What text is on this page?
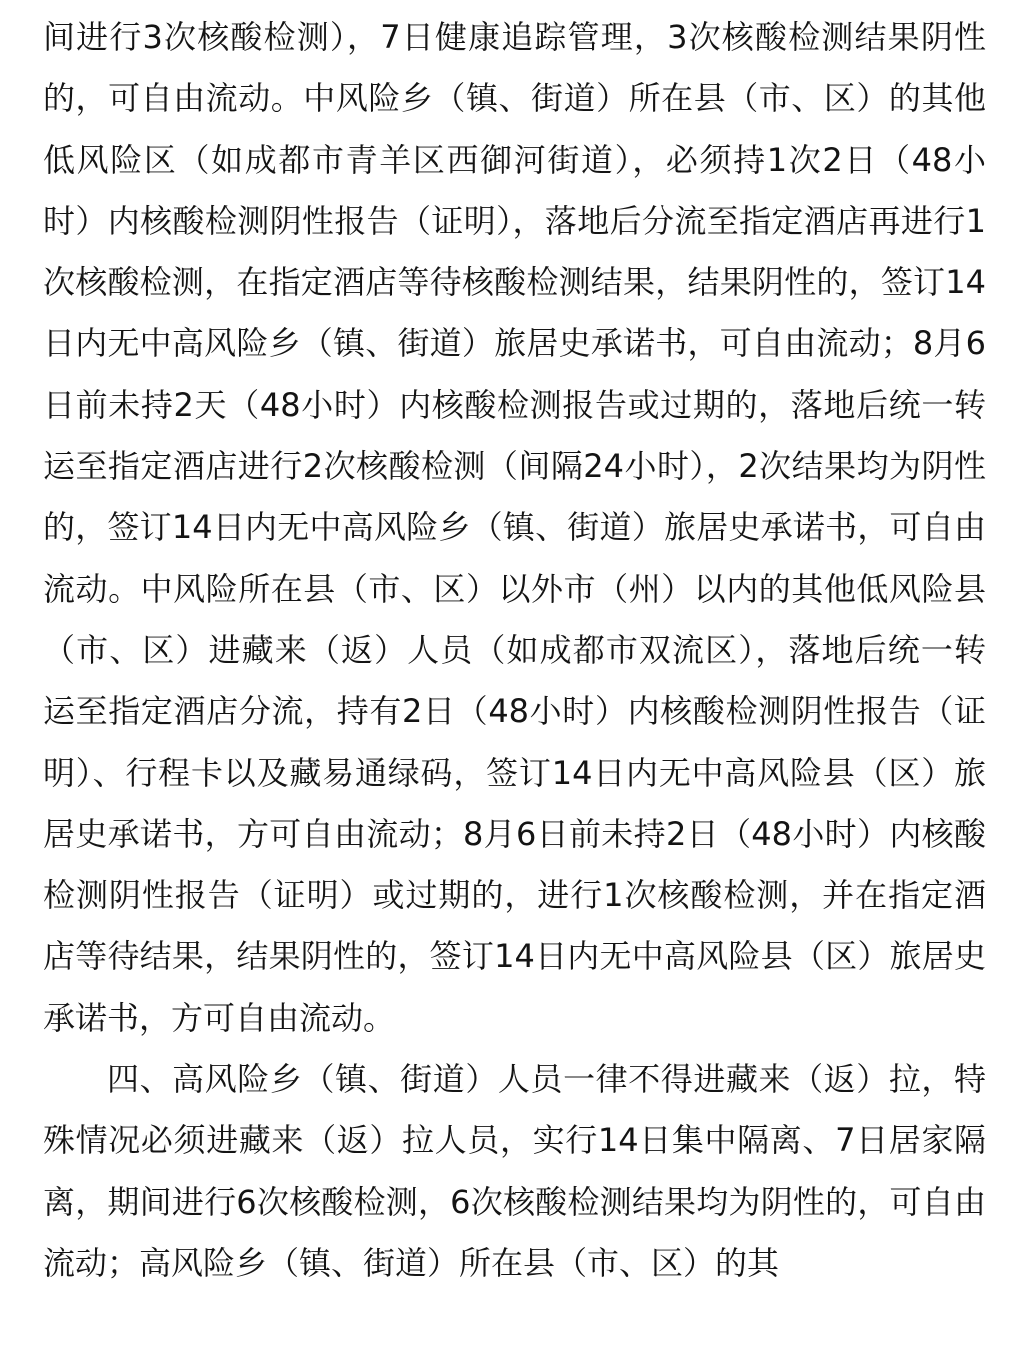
间进行3次核酸检测），7日健康追踪管理，3次核酸检测结果阴性的，可自由流动。中风险乡（镇、街道）所在县（市、区）的其他低风险区（如成都市青羊区西御河街道），必须持1次2日（48小时）内核酸检测阴性报告（证明），落地后分流至指定酒店再进行1次核酸检测，在指定酒店等待核酸检测结果，结果阴性的，签订14日内无中高风险乡（镇、街道）旅居史承诺书，可自由流动；8月6日前未持2天（48小时）内核酸检测报告或过期的，落地后统一转运至指定酒店进行2次核酸检测（间隔24小时），2次结果均为阴性的，签订14日内无中高风险乡（镇、街道）旅居史承诺书，可自由流动。中风险所在县（市、区）以外市（州）以内的其他低风险县（市、区）进藏来（返）人员（如成都市双流区），落地后统一转运至指定酒店分流，持有2日（48小时）内核酸检测阴性报告（证明）、行程卡以及藏易通绿码，签订14日内无中高风险县（区）旅居史承诺书，方可自由流动；8月6日前未持2日（48小时）内核酸检测阴性报告（证明）或过期的，进行1次核酸检测，并在指定酒店等待结果，结果阴性的，签订14日内无中高风险县（区）旅居史承诺书，方可自由流动。

四、高风险乡（镇、街道）人员一律不得进藏来（返）拉，特殊情况必须进藏来（返）拉人员，实行14日集中隔离、7日居家隔离，期间进行6次核酸检测，6次核酸检测结果均为阴性的，可自由流动；高风险乡（镇、街道）所在县（市、区）的其
